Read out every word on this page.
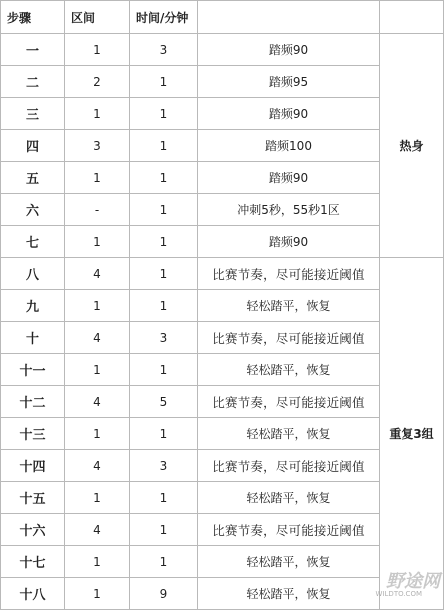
步骤	区间	时间/分钟		
一	1	3	踏频90	热身
二	2	1	踏频95	
三	1	1	踏频90	
四	3	1	踏频100	
五	1	1	踏频90	
六	-	1	冲刺5秒，55秒1区	
七	1	1	踏频90	
八	4	1	比赛节奏，尽可能接近阈值	重复3组
九	1	1	轻松踏平，恢复	
十	4	3	比赛节奏，尽可能接近阈值	
十一	1	1	轻松踏平，恢复	
十二	4	5	比赛节奏，尽可能接近阈值	
十三	1	1	轻松踏平，恢复	
十四	4	3	比赛节奏，尽可能接近阈值	
十五	1	1	轻松踏平，恢复	
十六	4	1	比赛节奏，尽可能接近阈值	
十七	1	1	轻松踏平，恢复	
十八	1	9	轻松踏平，恢复	
野途网
WILDTO.COM
